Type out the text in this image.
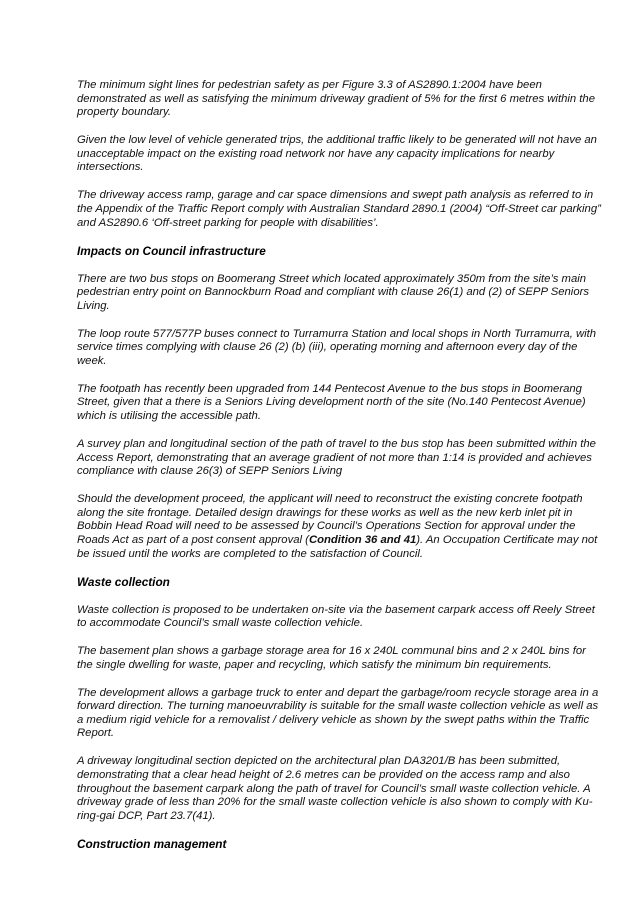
The minimum sight lines for pedestrian safety as per Figure 3.3 of AS2890.1:2004 have been demonstrated as well as satisfying the minimum driveway gradient of 5% for the first 6 metres within the property boundary.

Given the low level of vehicle generated trips, the additional traffic likely to be generated will not have an unacceptable impact on the existing road network nor have any capacity implications for nearby intersections.

The driveway access ramp, garage and car space dimensions and swept path analysis as referred to in the Appendix of the Traffic Report comply with Australian Standard 2890.1 (2004) “Off-Street car parking” and AS2890.6 ‘Off-street parking for people with disabilities’.

Impacts on Council infrastructure

There are two bus stops on Boomerang Street which located approximately 350m from the site’s main pedestrian entry point on Bannockburn Road and compliant with clause 26(1) and (2) of SEPP Seniors Living.

The loop route 577/577P buses connect to Turramurra Station and local shops in North Turramurra, with service times complying with clause 26 (2) (b) (iii), operating morning and afternoon every day of the week.

The footpath has recently been upgraded from 144 Pentecost Avenue to the bus stops in Boomerang Street, given that a there is a Seniors Living development north of the site (No.140 Pentecost Avenue) which is utilising the accessible path.

A survey plan and longitudinal section of the path of travel to the bus stop has been submitted within the Access Report, demonstrating that an average gradient of not more than 1:14 is provided and achieves compliance with clause 26(3) of SEPP Seniors Living

Should the development proceed, the applicant will need to reconstruct the existing concrete footpath along the site frontage. Detailed design drawings for these works as well as the new kerb inlet pit in Bobbin Head Road will need to be assessed by Council’s Operations Section for approval under the Roads Act as part of a post consent approval (Condition 36 and 41). An Occupation Certificate may not be issued until the works are completed to the satisfaction of Council.

Waste collection

Waste collection is proposed to be undertaken on-site via the basement carpark access off Reely Street to accommodate Council’s small waste collection vehicle.

The basement plan shows a garbage storage area for 16 x 240L communal bins and 2 x 240L bins for the single dwelling for waste, paper and recycling, which satisfy the minimum bin requirements.

The development allows a garbage truck to enter and depart the garbage/room recycle storage area in a forward direction. The turning manoeuvrability is suitable for the small waste collection vehicle as well as a medium rigid vehicle for a removalist / delivery vehicle as shown by the swept paths within the Traffic Report.

A driveway longitudinal section depicted on the architectural plan DA3201/B has been submitted, demonstrating that a clear head height of 2.6 metres can be provided on the access ramp and also throughout the basement carpark along the path of travel for Council’s small waste collection vehicle. A driveway grade of less than 20% for the small waste collection vehicle is also shown to comply with Ku-ring-gai DCP, Part 23.7(41).

Construction management
